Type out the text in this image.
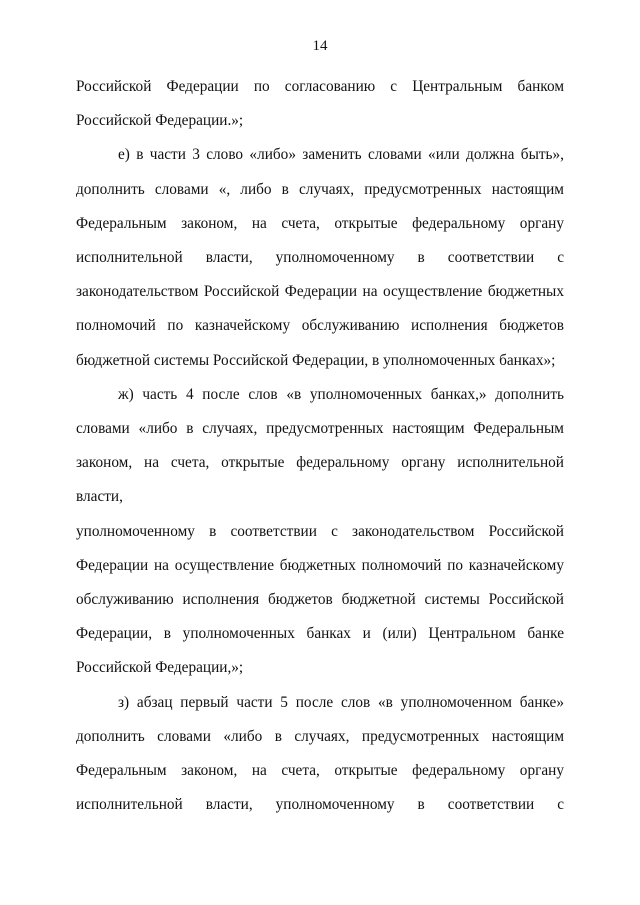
14

Российской Федерации по согласованию с Центральным банком
Российской Федерации.»;

е) в части 3 слово «либо» заменить словами «или должна быть»,
дополнить словами «, либо в случаях, предусмотренных настоящим
Федеральным законом, на счета, открытые федеральному органу
исполнительной власти, уполномоченному в соответствии с
законодательством Российской Федерации на осуществление бюджетных
полномочий по казначейскому обслуживанию исполнения бюджетов
бюджетной системы Российской Федерации, в уполномоченных банках»;

ж) часть 4 после слов «в уполномоченных банках,» дополнить
словами «либо в случаях, предусмотренных настоящим Федеральным
законом, на счета, открытые федеральному органу исполнительной власти,
уполномоченному в соответствии с законодательством Российской
Федерации на осуществление бюджетных полномочий по казначейскому
обслуживанию исполнения бюджетов бюджетной системы Российской
Федерации, в уполномоченных банках и (или) Центральном банке
Российской Федерации,»;

з) абзац первый части 5 после слов «в уполномоченном банке»
дополнить словами «либо в случаях, предусмотренных настоящим
Федеральным законом, на счета, открытые федеральному органу
исполнительной власти, уполномоченному в соответствии с
